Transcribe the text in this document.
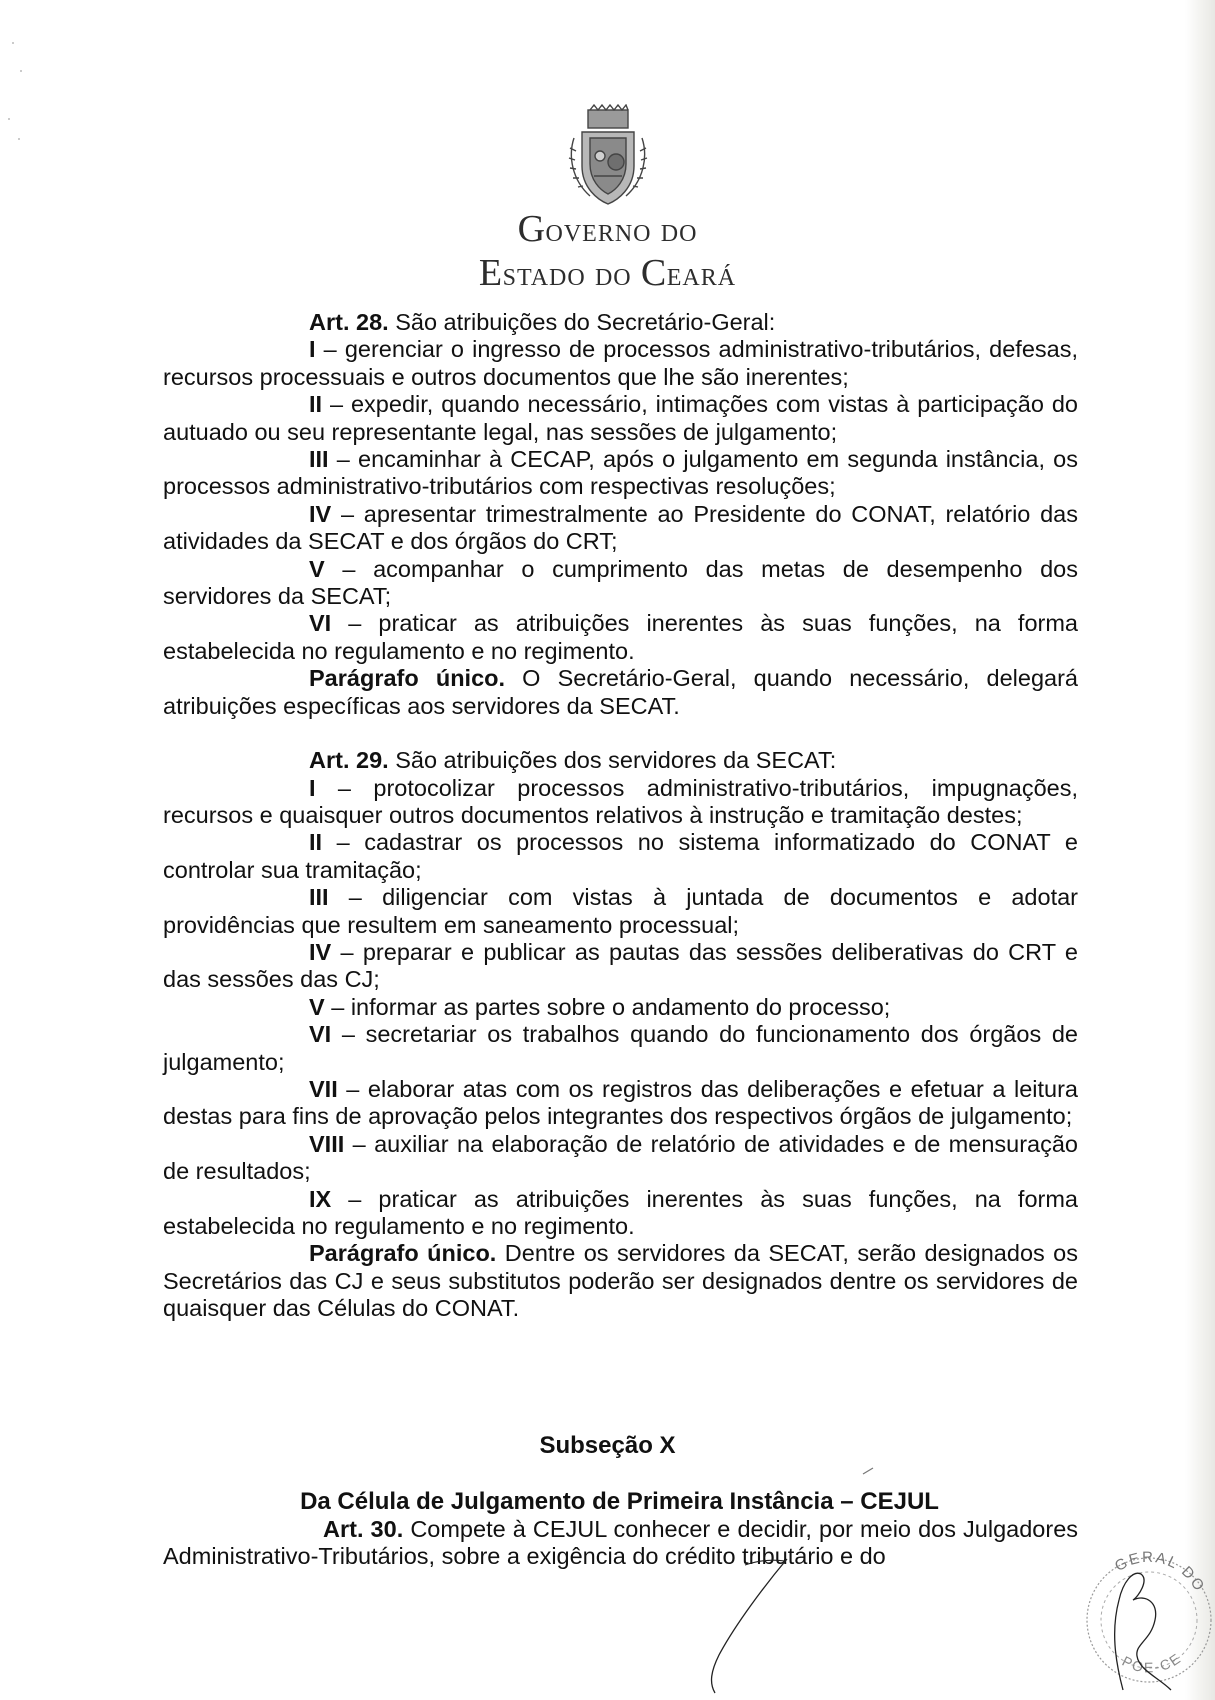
GOVERNO DO
ESTADO DO CEARÁ

Art. 28. São atribuições do Secretário-Geral:

I – gerenciar o ingresso de processos administrativo-tributários, defesas, recursos processuais e outros documentos que lhe são inerentes;

II – expedir, quando necessário, intimações com vistas à participação do autuado ou seu representante legal, nas sessões de julgamento;

III – encaminhar à CECAP, após o julgamento em segunda instância, os processos administrativo-tributários com respectivas resoluções;

IV – apresentar trimestralmente ao Presidente do CONAT, relatório das atividades da SECAT e dos órgãos do CRT;

V – acompanhar o cumprimento das metas de desempenho dos servidores da SECAT;

VI – praticar as atribuições inerentes às suas funções, na forma estabelecida no regulamento e no regimento.

Parágrafo único. O Secretário-Geral, quando necessário, delegará atribuições específicas aos servidores da SECAT.

Art. 29. São atribuições dos servidores da SECAT:

I – protocolizar processos administrativo-tributários, impugnações, recursos e quaisquer outros documentos relativos à instrução e tramitação destes;

II – cadastrar os processos no sistema informatizado do CONAT e controlar sua tramitação;

III – diligenciar com vistas à juntada de documentos e adotar providências que resultem em saneamento processual;

IV – preparar e publicar as pautas das sessões deliberativas do CRT e das sessões das CJ;

V – informar as partes sobre o andamento do processo;

VI – secretariar os trabalhos quando do funcionamento dos órgãos de julgamento;

VII – elaborar atas com os registros das deliberações e efetuar a leitura destas para fins de aprovação pelos integrantes dos respectivos órgãos de julgamento;

VIII – auxiliar na elaboração de relatório de atividades e de mensuração de resultados;

IX – praticar as atribuições inerentes às suas funções, na forma estabelecida no regulamento e no regimento.

Parágrafo único. Dentre os servidores da SECAT, serão designados os Secretários das CJ e seus substitutos poderão ser designados dentre os servidores de quaisquer das Células do CONAT.

Subseção X
Da Célula de Julgamento de Primeira Instância – CEJUL

Art. 30. Compete à CEJUL conhecer e decidir, por meio dos Julgadores Administrativo-Tributários, sobre a exigência do crédito tributário e do	GERAL DO
POE-CE
